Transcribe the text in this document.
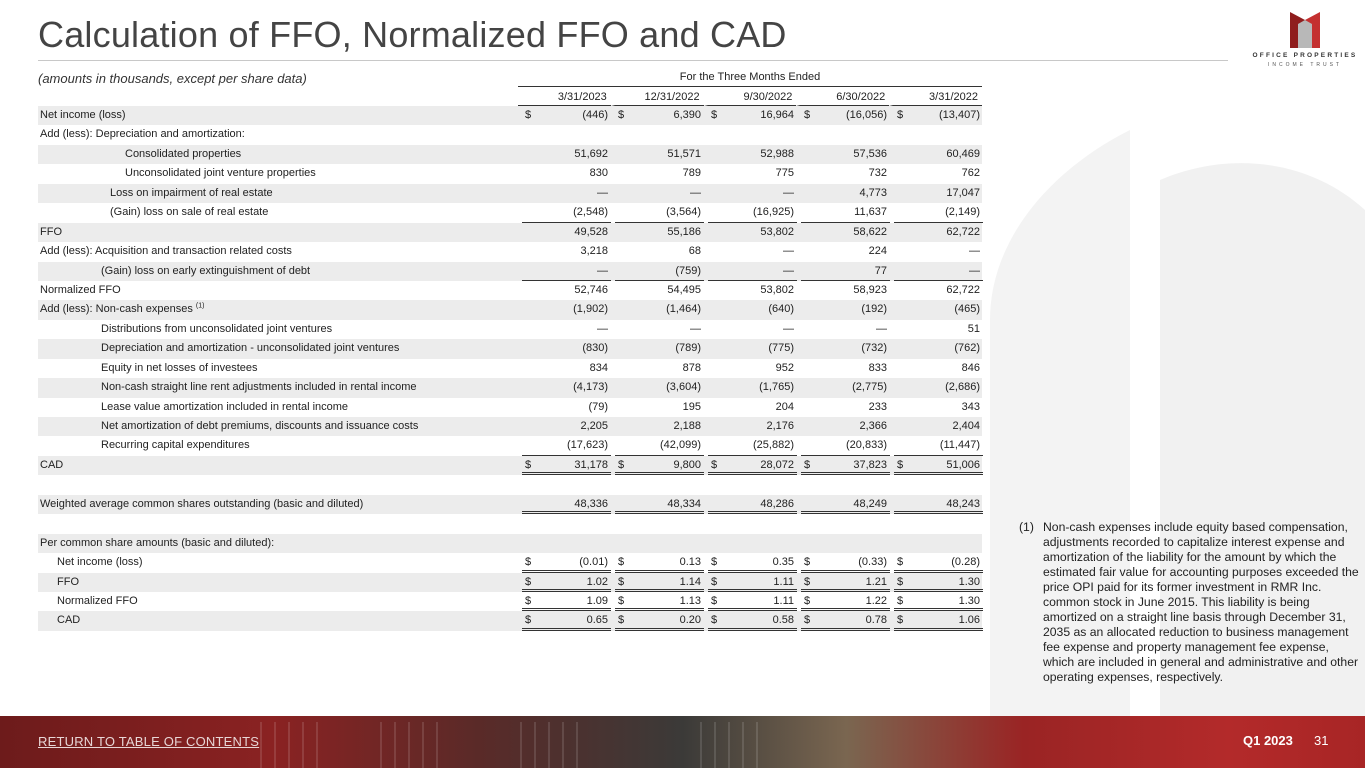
Calculation of FFO, Normalized FFO and CAD
OFFICE PROPERTIES
INCOME TRUST
(amounts in thousands, except per share data)	For the Three Months Ended
3/31/2023	12/31/2022	9/30/2022	6/30/2022	3/31/2022
Net income (loss)	$	(446) $	6,390 $	16,964 $	(16,056) $	(13,407)
Add (less): Depreciation and amortization:
Consolidated properties	51,692	51,571	52,988	57,536	60,469
Unconsolidated joint venture properties	830	789	775	732	762
Loss on impairment of real estate	—	—	—	4,773	17,047
(Gain) loss on sale of real estate	(2,548)	(3,564)	(16,925)	11,637	(2,149)
FFO	49,528	55,186	53,802	58,622	62,722
Add (less): Acquisition and transaction related costs	3,218	68	—	224	—
(Gain) loss on early extinguishment of debt	—	(759)	—	77	—
Normalized FFO	52,746	54,495	53,802	58,923	62,722
Add (less): Non-cash expenses $^{(1)}$	(1,902)	(1,464)	(640)	(192)	(465)
Distributions from unconsolidated joint ventures	—	—	—	—	51
Depreciation and amortization - unconsolidated joint ventures	(830)	(789)	(775)	(732)	(762)
Equity in net losses of investees	834	878	952	833	846
Non-cash straight line rent adjustments included in rental income	(4,173)	(3,604)	(1,765)	(2,775)	(2,686)
Lease value amortization included in rental income	(79)	195	204	233	343
Net amortization of debt premiums, discounts and issuance costs	2,205	2,188	2,176	2,366	2,404
Recurring capital expenditures	(17,623)	(42,099)	(25,882)	(20,833)	(11,447)
CAD	$	31,178 $	9,800 $	28,072 $	37,823 $	51,006
Weighted average common shares outstanding (basic and diluted)	48,336	48,334	48,286	48,249	48,243
Per common share amounts (basic and diluted):
Net income (loss)	$	(0.01) $	0.13 $	0.35 $	(0.33) $	(0.28)
FFO	$	1.02 $	1.14 $	1.11 $	1.21 $	1.30
Normalized FFO	$	1.09 $	1.13 $	1.11 $	1.22 $	1.30
CAD	$	0.65 $	0.20 $	0.58 $	0.78 $	1.06
(1) Non-cash expenses include equity based compensation, adjustments recorded to capitalize interest expense and amortization of the liability for the amount by which the estimated fair value for accounting purposes exceeded the price OPI paid for its former investment in RMR Inc. common stock in June 2015. This liability is being amortized on a straight line basis through December 31, 2035 as an allocated reduction to business management fee expense and property management fee expense, which are included in general and administrative and other operating expenses, respectively.
RETURN TO TABLE OF CONTENTS	Q1 2023 31
